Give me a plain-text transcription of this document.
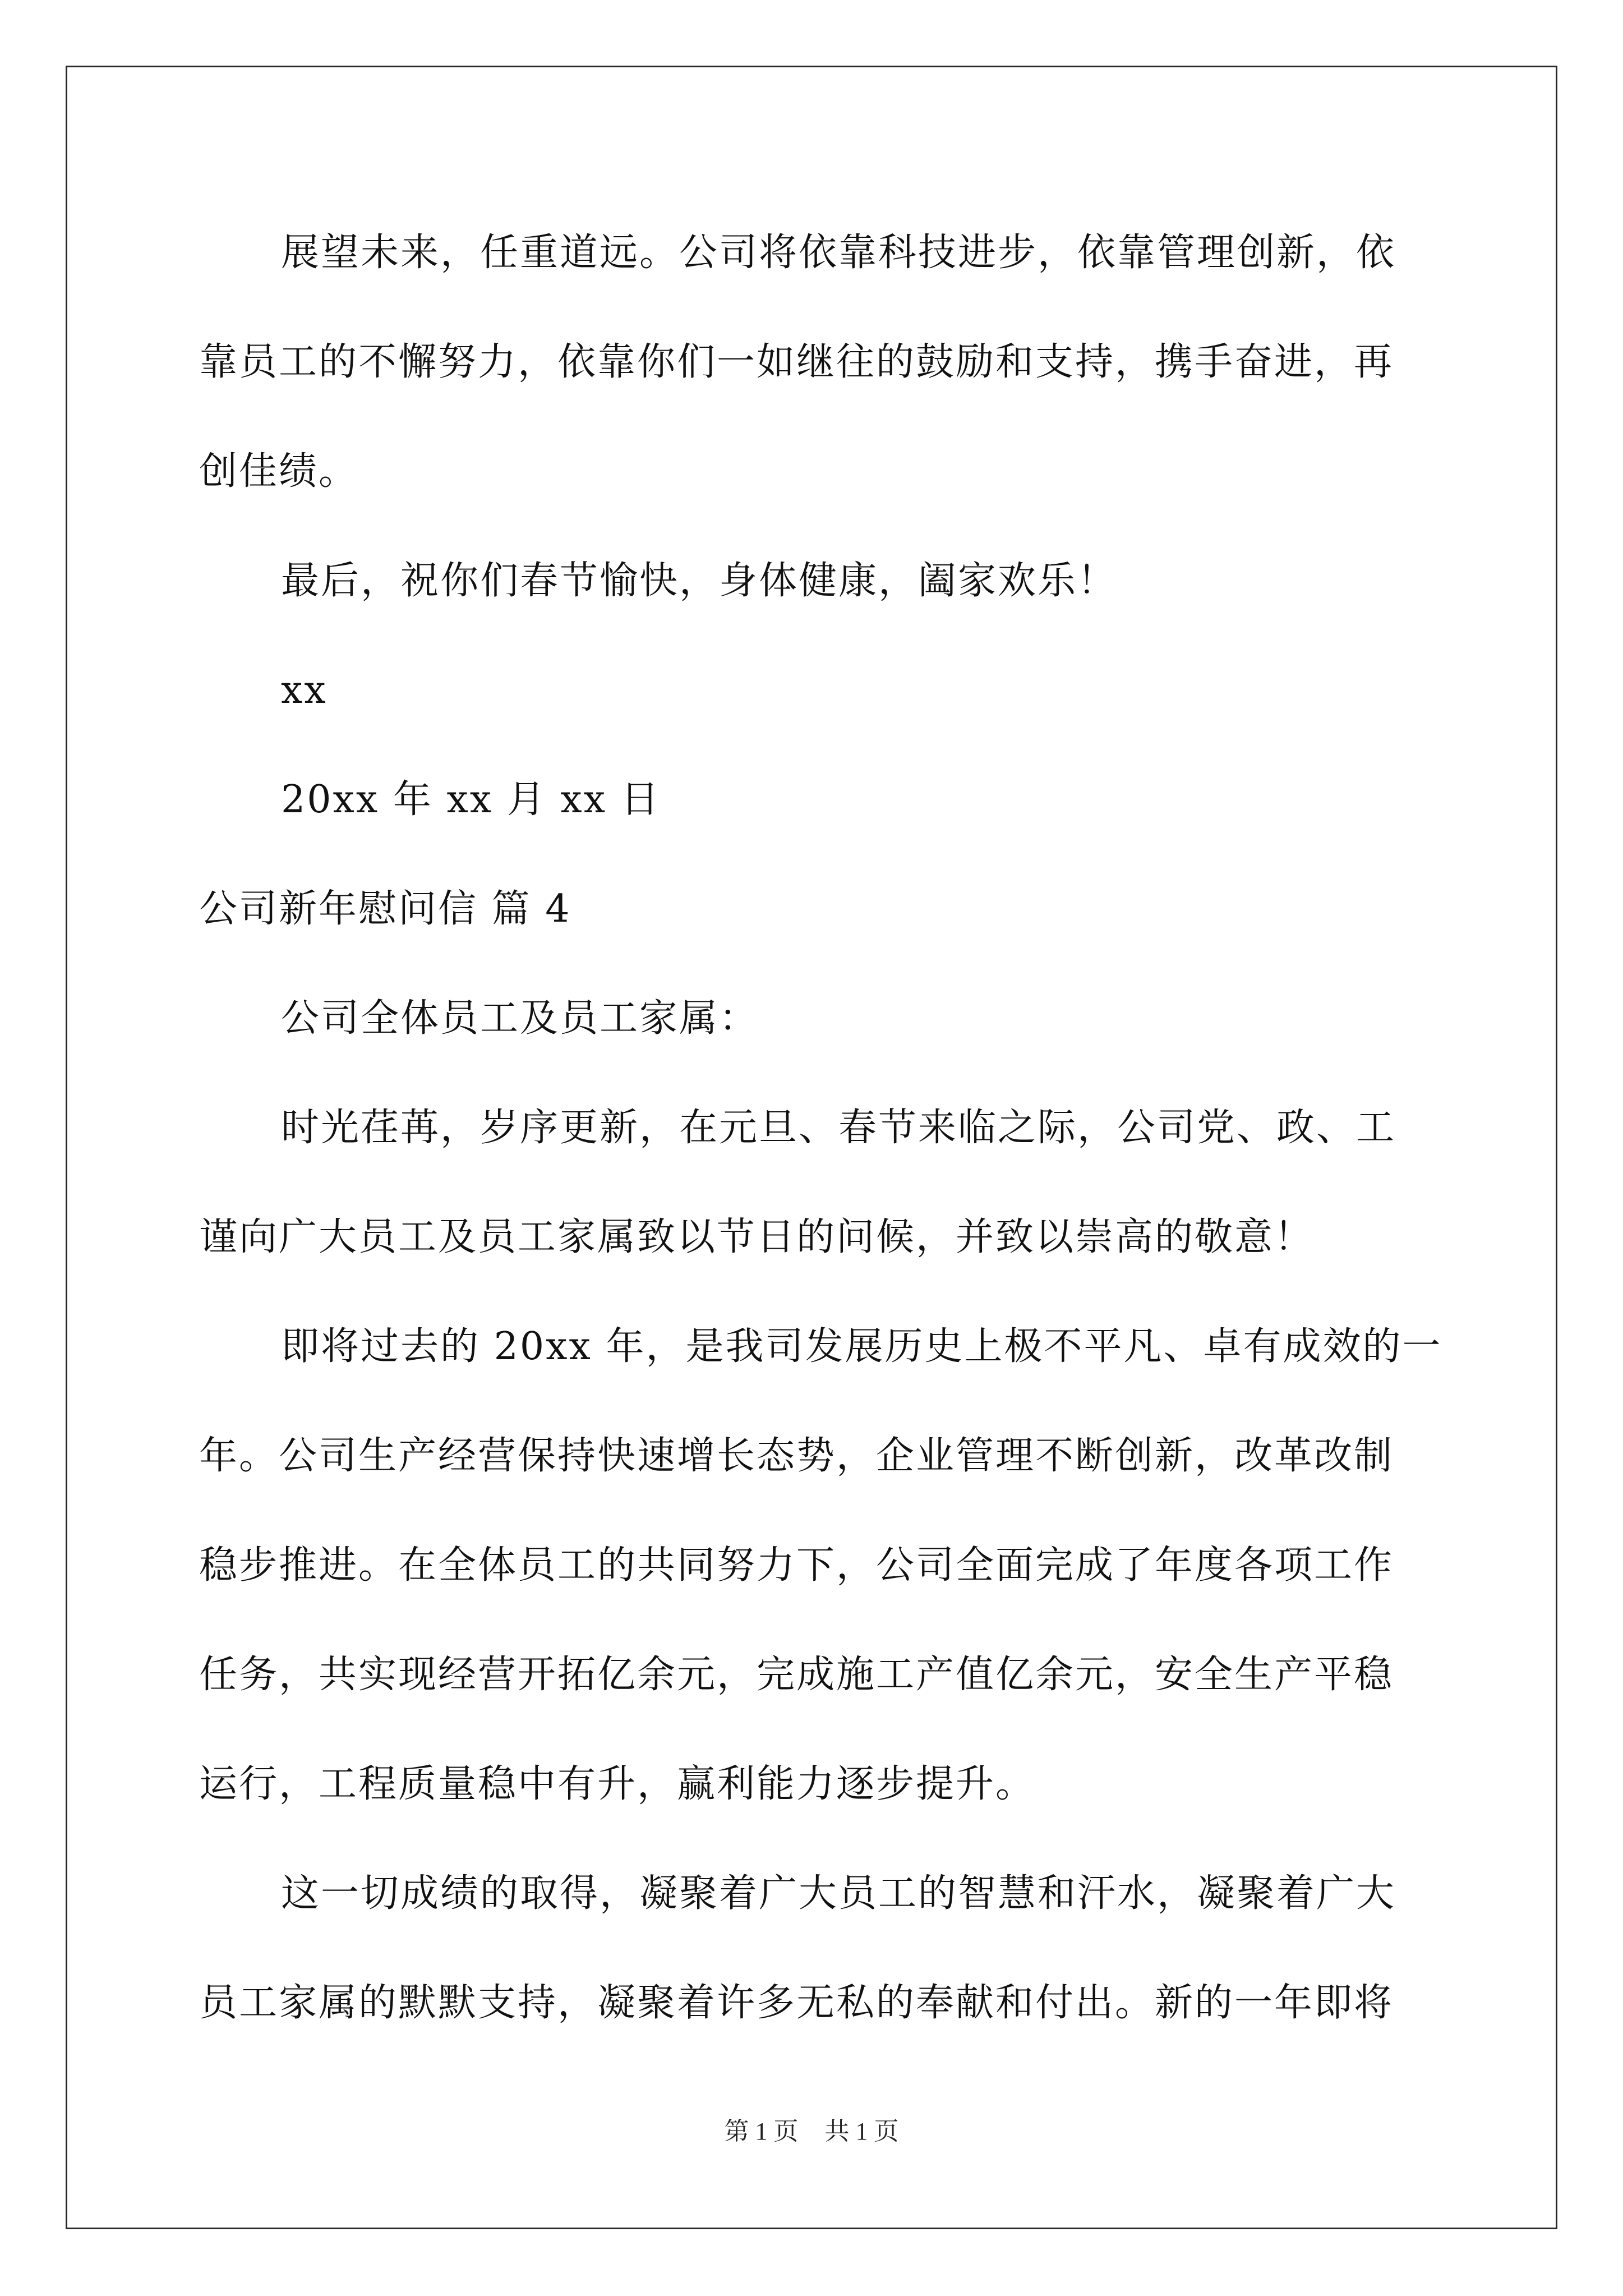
展望未来，任重道远。公司将依靠科技进步，依靠管理创新，依
靠员工的不懈努力，依靠你们一如继往的鼓励和支持，携手奋进，再
创佳绩。
最后，祝你们春节愉快，身体健康，阖家欢乐！
xx
20xx 年 xx 月 xx 日
公司新年慰问信 篇 4
公司全体员工及员工家属：
时光荏苒，岁序更新，在元旦、春节来临之际，公司党、政、工
谨向广大员工及员工家属致以节日的问候，并致以崇高的敬意！
即将过去的 20xx 年，是我司发展历史上极不平凡、卓有成效的一
年。公司生产经营保持快速增长态势，企业管理不断创新，改革改制
稳步推进。在全体员工的共同努力下，公司全面完成了年度各项工作
任务，共实现经营开拓亿余元，完成施工产值亿余元，安全生产平稳
运行，工程质量稳中有升，赢利能力逐步提升。
这一切成绩的取得，凝聚着广大员工的智慧和汗水，凝聚着广大
员工家属的默默支持，凝聚着许多无私的奉献和付出。新的一年即将
第 1 页 共 1 页
